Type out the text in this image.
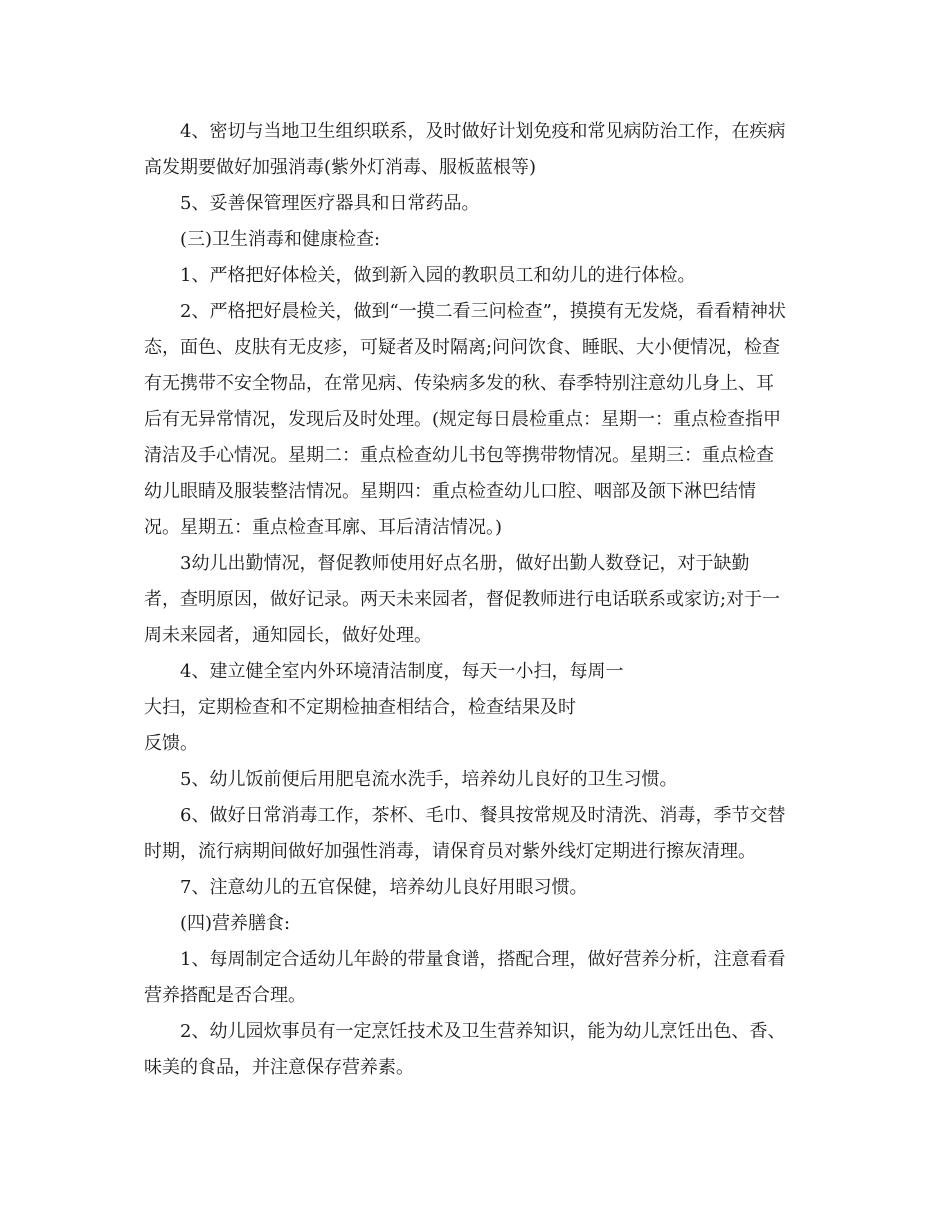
4、密切与当地卫生组织联系，及时做好计划免疫和常见病防治工作，在疾病
高发期要做好加强消毒(紫外灯消毒、服板蓝根等)
5、妥善保管理医疗器具和日常药品。
(三)卫生消毒和健康检查:
1、严格把好体检关，做到新入园的教职员工和幼儿的进行体检。
2、严格把好晨检关，做到“一摸二看三问检查”，摸摸有无发烧，看看精神状
态，面色、皮肤有无皮疹，可疑者及时隔离;问问饮食、睡眠、大小便情况，检查
有无携带不安全物品，在常见病、传染病多发的秋、春季特别注意幼儿身上、耳
后有无异常情况，发现后及时处理。(规定每日晨检重点：星期一：重点检查指甲
清洁及手心情况。星期二：重点检查幼儿书包等携带物情况。星期三：重点检查
幼儿眼睛及服装整洁情况。星期四：重点检查幼儿口腔、咽部及颌下淋巴结情
况。星期五：重点检查耳廓、耳后清洁情况。)
3幼儿出勤情况，督促教师使用好点名册，做好出勤人数登记，对于缺勤
者，查明原因，做好记录。两天未来园者，督促教师进行电话联系或家访;对于一
周未来园者，通知园长，做好处理。
4、建立健全室内外环境清洁制度，每天一小扫，每周一
大扫，定期检查和不定期检抽查相结合，检查结果及时
反馈。
5、幼儿饭前便后用肥皂流水洗手，培养幼儿良好的卫生习惯。
6、做好日常消毒工作，茶杯、毛巾、餐具按常规及时清洗、消毒，季节交替
时期，流行病期间做好加强性消毒，请保育员对紫外线灯定期进行擦灰清理。
7、注意幼儿的五官保健，培养幼儿良好用眼习惯。
(四)营养膳食:
1、每周制定合适幼儿年龄的带量食谱，搭配合理，做好营养分析，注意看看
营养搭配是否合理。
2、幼儿园炊事员有一定烹饪技术及卫生营养知识，能为幼儿烹饪出色、香、
味美的食品，并注意保存营养素。
